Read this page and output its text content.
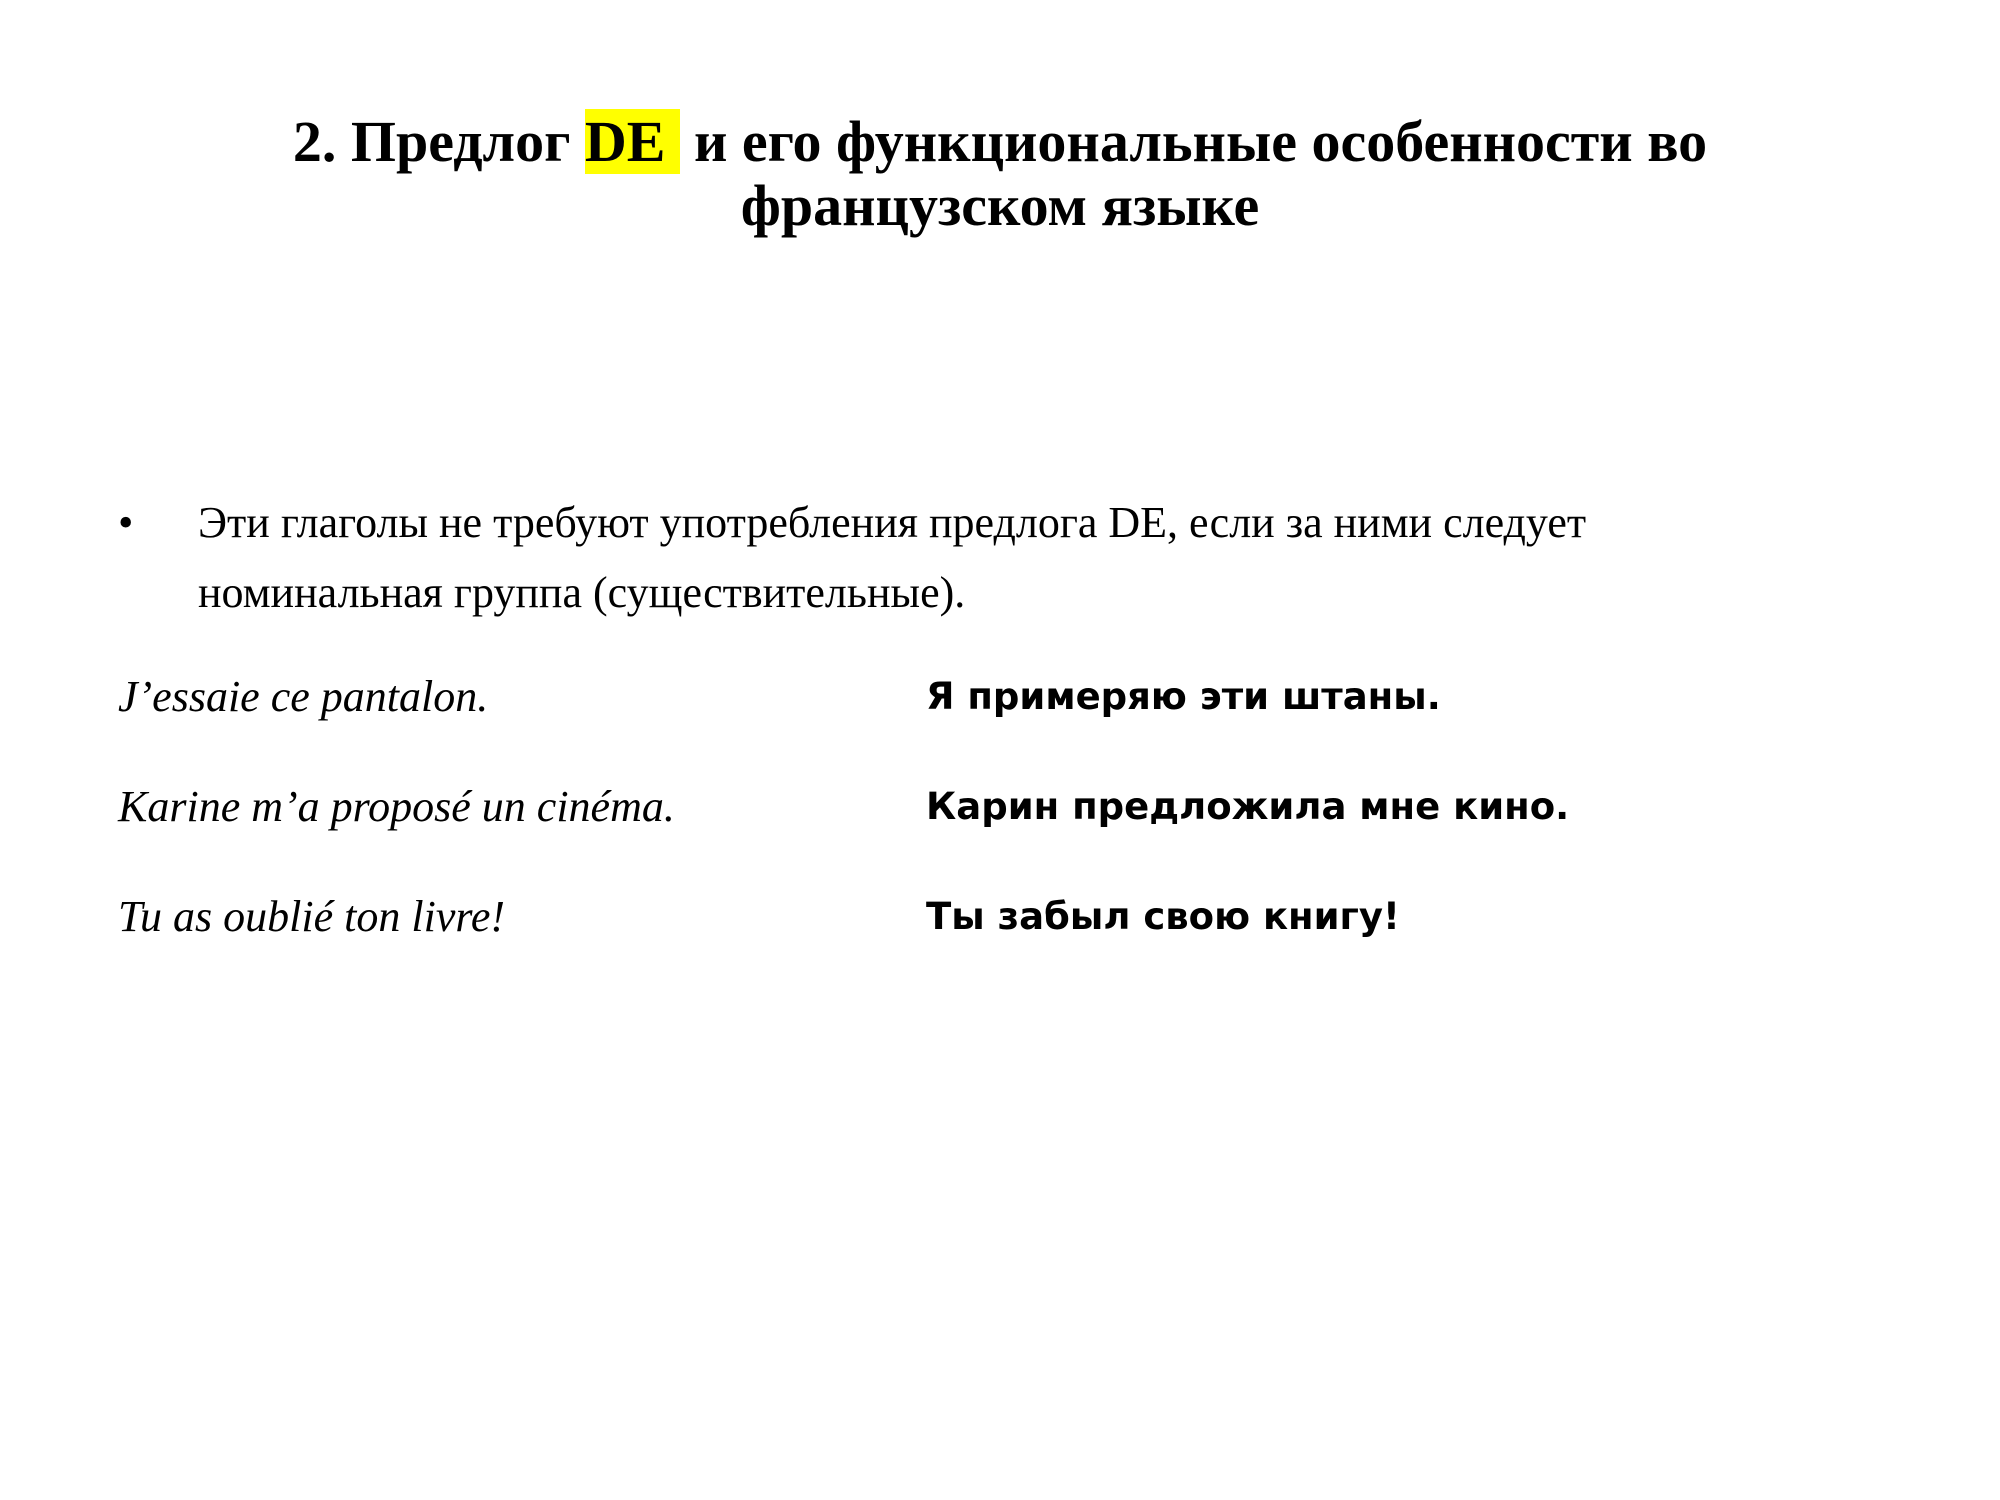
2. Предлог DE и его функциональные особенности во
французском языке
•	Эти глаголы не требуют употребления предлога DE, если за ними следует номинальная группа (существительные).
J’essaie ce pantalon.	Я примеряю эти штаны.
Karine m’a proposé un cinéma.	Карин предложила мне кино.
Tu as oublié ton livre!	Ты забыл свою книгу!
